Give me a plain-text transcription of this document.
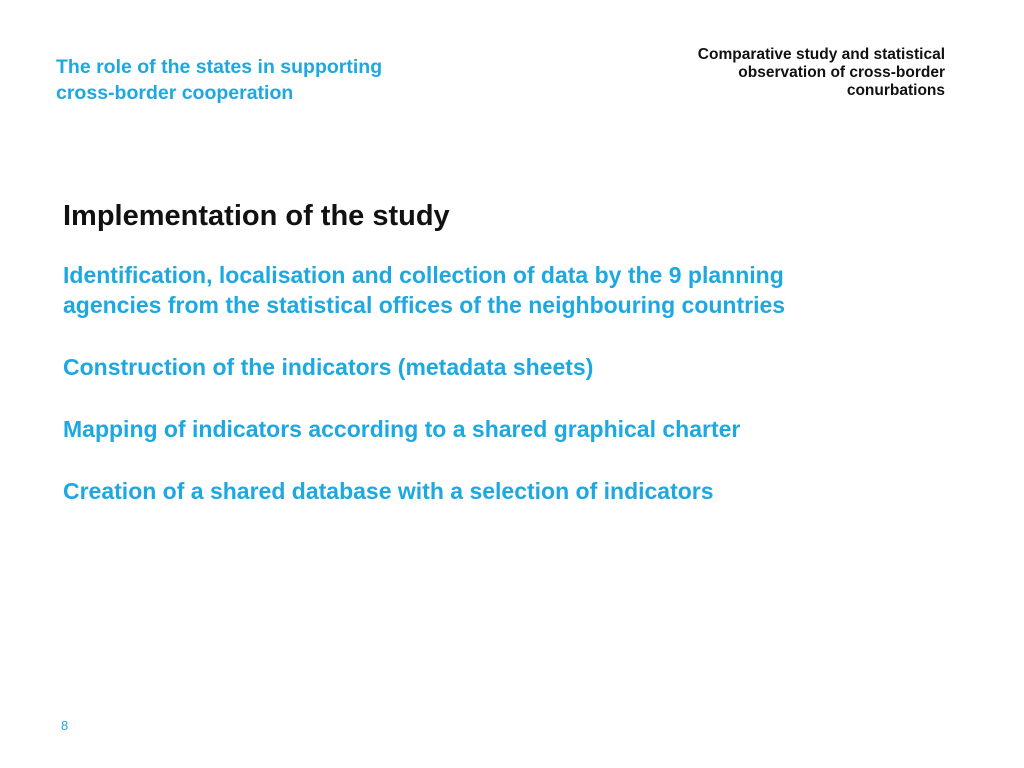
The role of the states in supporting
cross-border cooperation
Comparative study and statistical
observation of cross-border
conurbations
Implementation of the study
Identification, localisation and collection of data by the 9 planning
agencies from the statistical offices of the neighbouring countries
Construction of the indicators (metadata sheets)
Mapping of indicators according to a shared graphical charter
Creation of a shared database with a selection of indicators
8
